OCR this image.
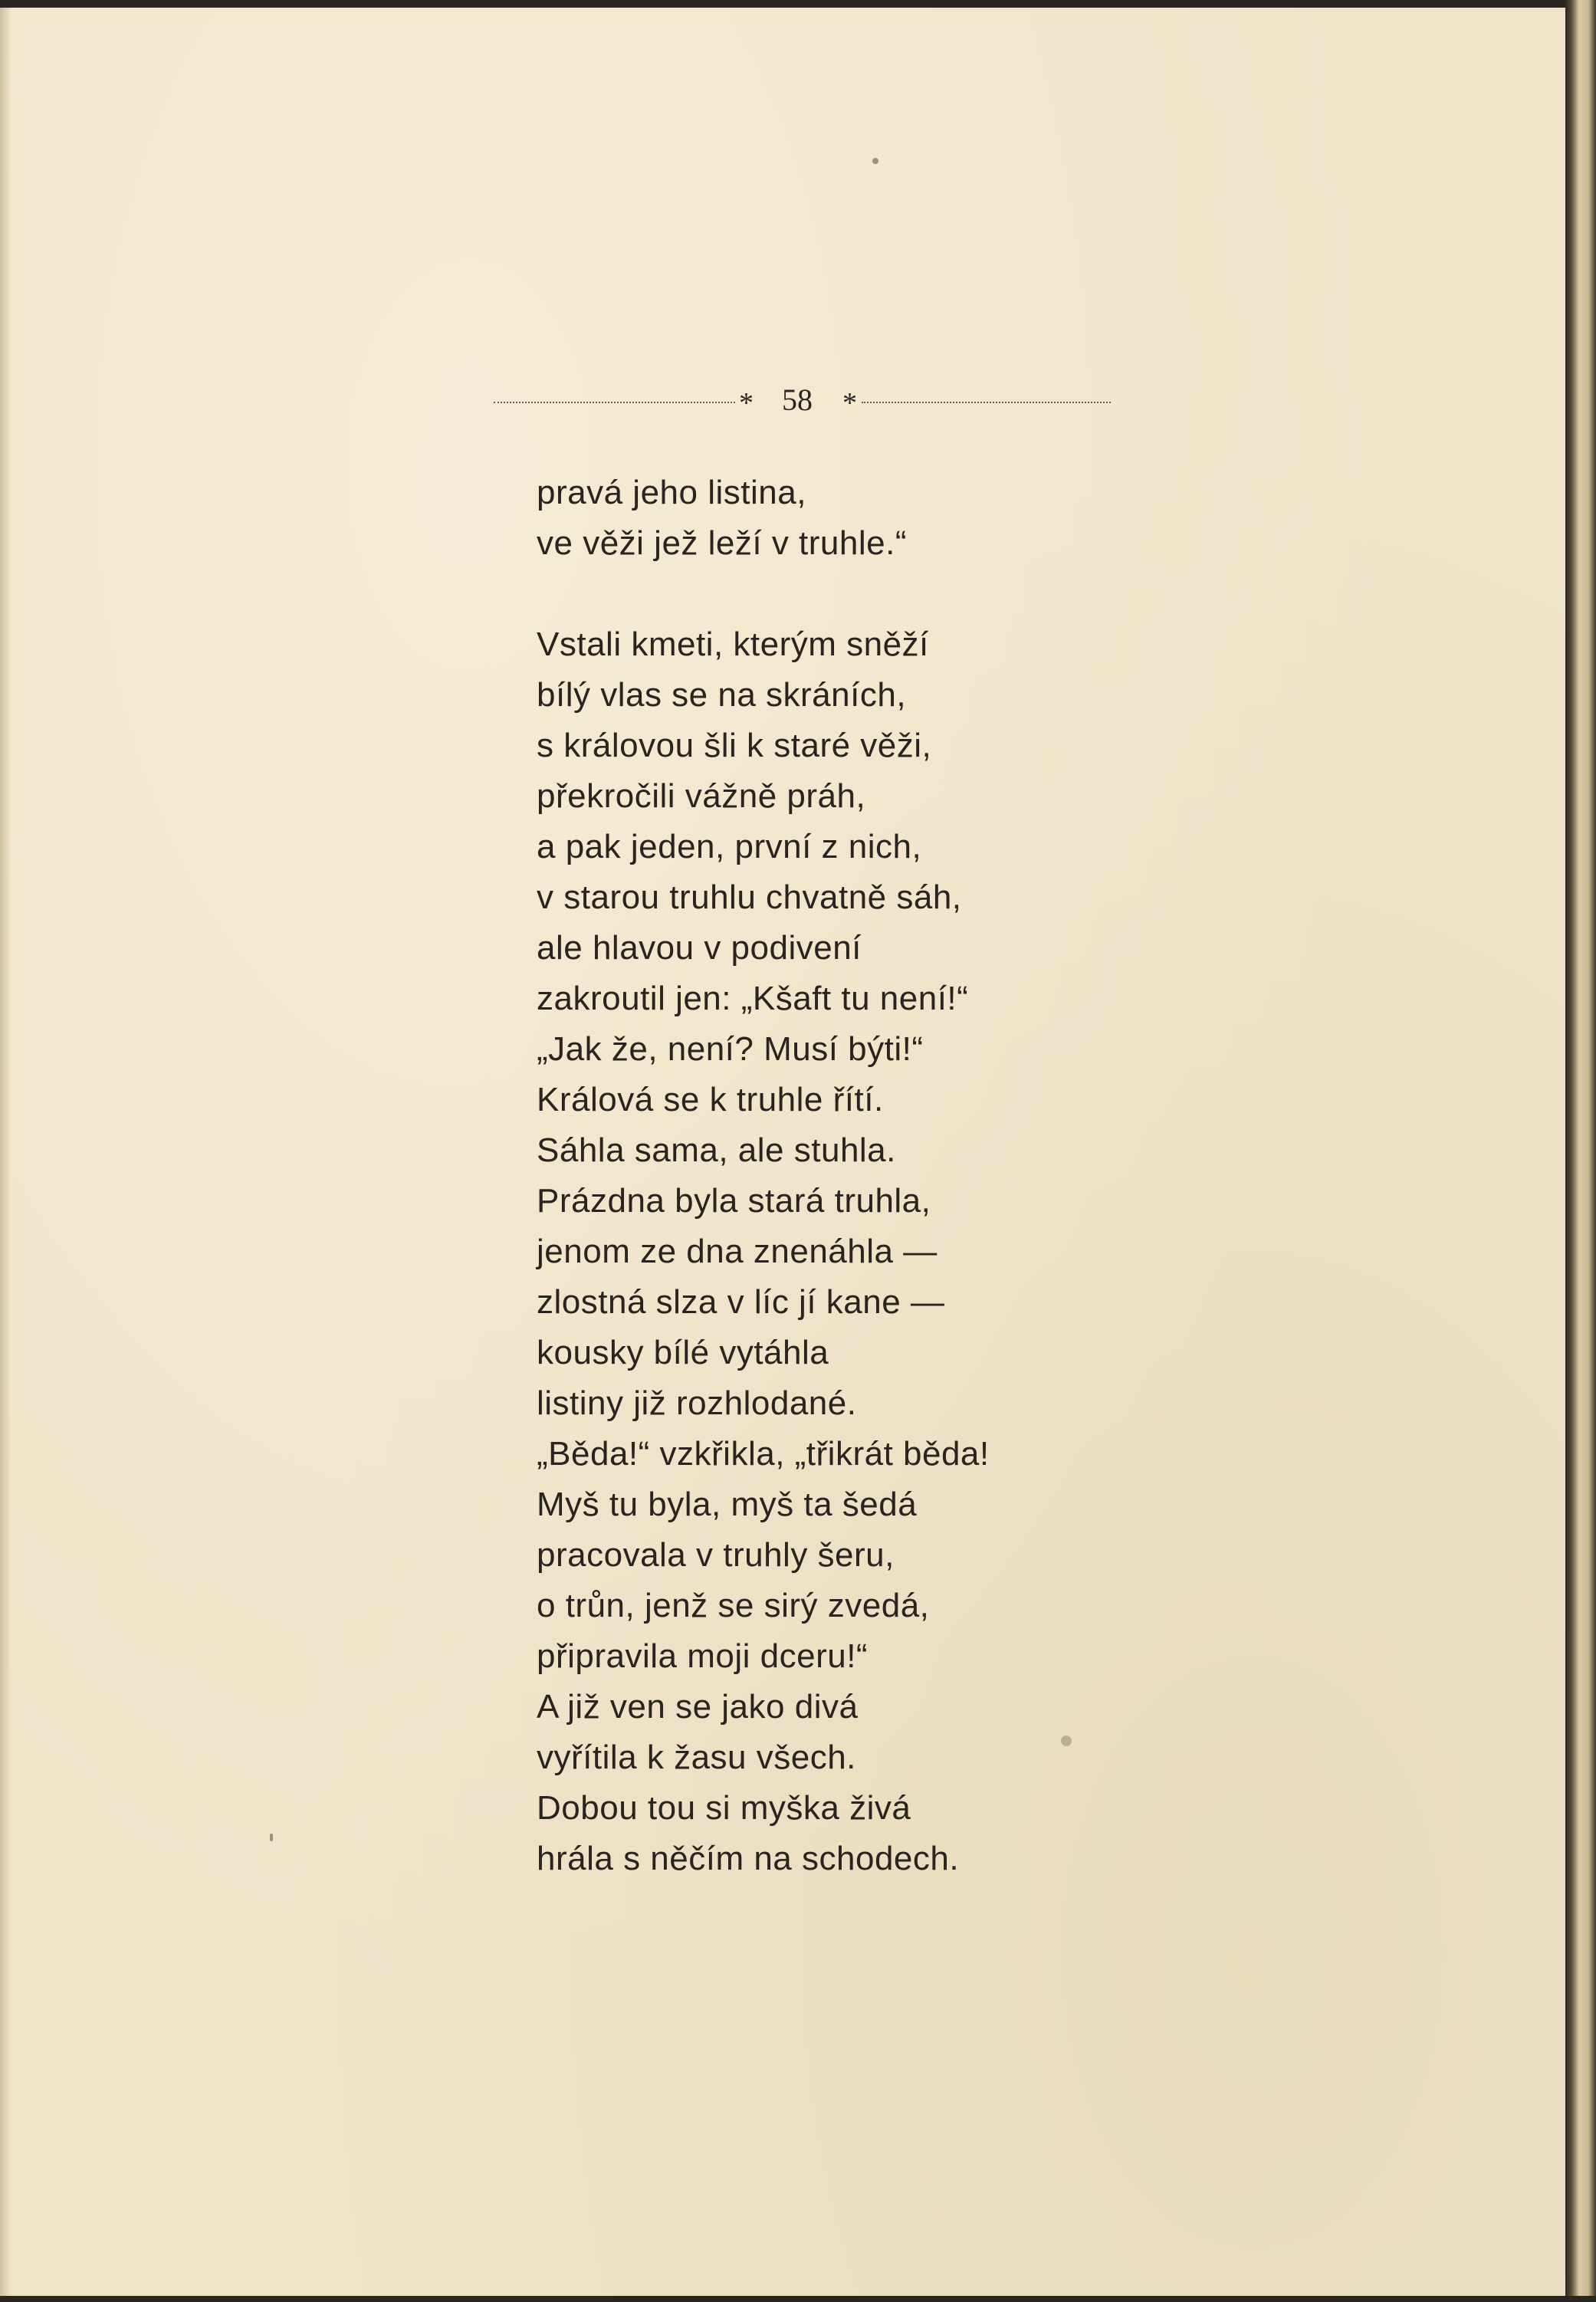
* 58 *
pravá jeho listina,
ve věži jež leží v truhle.“
Vstali kmeti, kterým sněží
bílý vlas se na skráních,
s královou šli k staré věži,
překročili vážně práh,
a pak jeden, první z nich,
v starou truhlu chvatně sáh,
ale hlavou v podivení
zakroutil jen: „Kšaft tu není!“
„Jak že, není? Musí býti!“
Králová se k truhle řítí.
Sáhla sama, ale stuhla.
Prázdna byla stará truhla,
jenom ze dna znenáhla —
zlostná slza v líc jí kane —
kousky bílé vytáhla
listiny již rozhlodané.
„Běda!“ vzkřikla, „třikrát běda!
Myš tu byla, myš ta šedá
pracovala v truhly šeru,
o trůn, jenž se sirý zvedá,
připravila moji dceru!“
A již ven se jako divá
vyřítila k žasu všech.
Dobou tou si myška živá
hrála s něčím na schodech.
